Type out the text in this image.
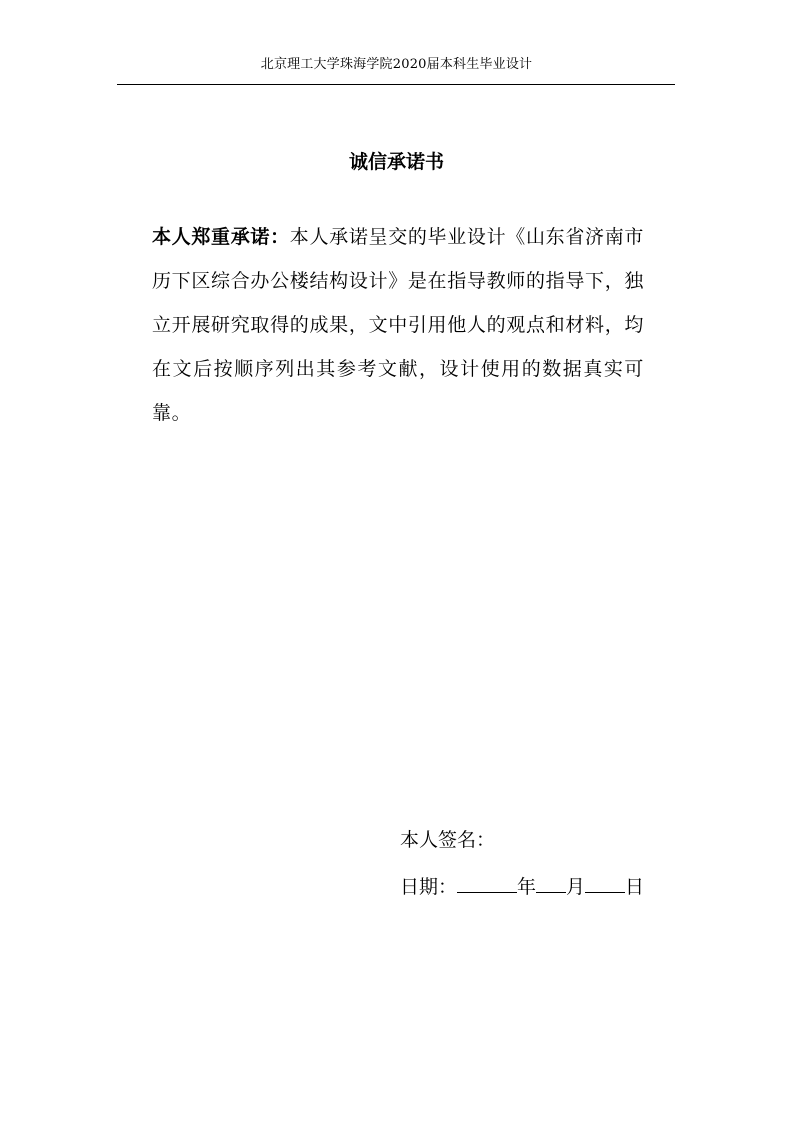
北京理工大学珠海学院2020届本科生毕业设计
诚信承诺书
本人郑重承诺：本人承诺呈交的毕业设计《山东省济南市历下区综合办公楼结构设计》是在指导教师的指导下，独立开展研究取得的成果，文中引用他人的观点和材料，均在文后按顺序列出其参考文献，设计使用的数据真实可靠。
本人签名：
日期：	年 月 日
